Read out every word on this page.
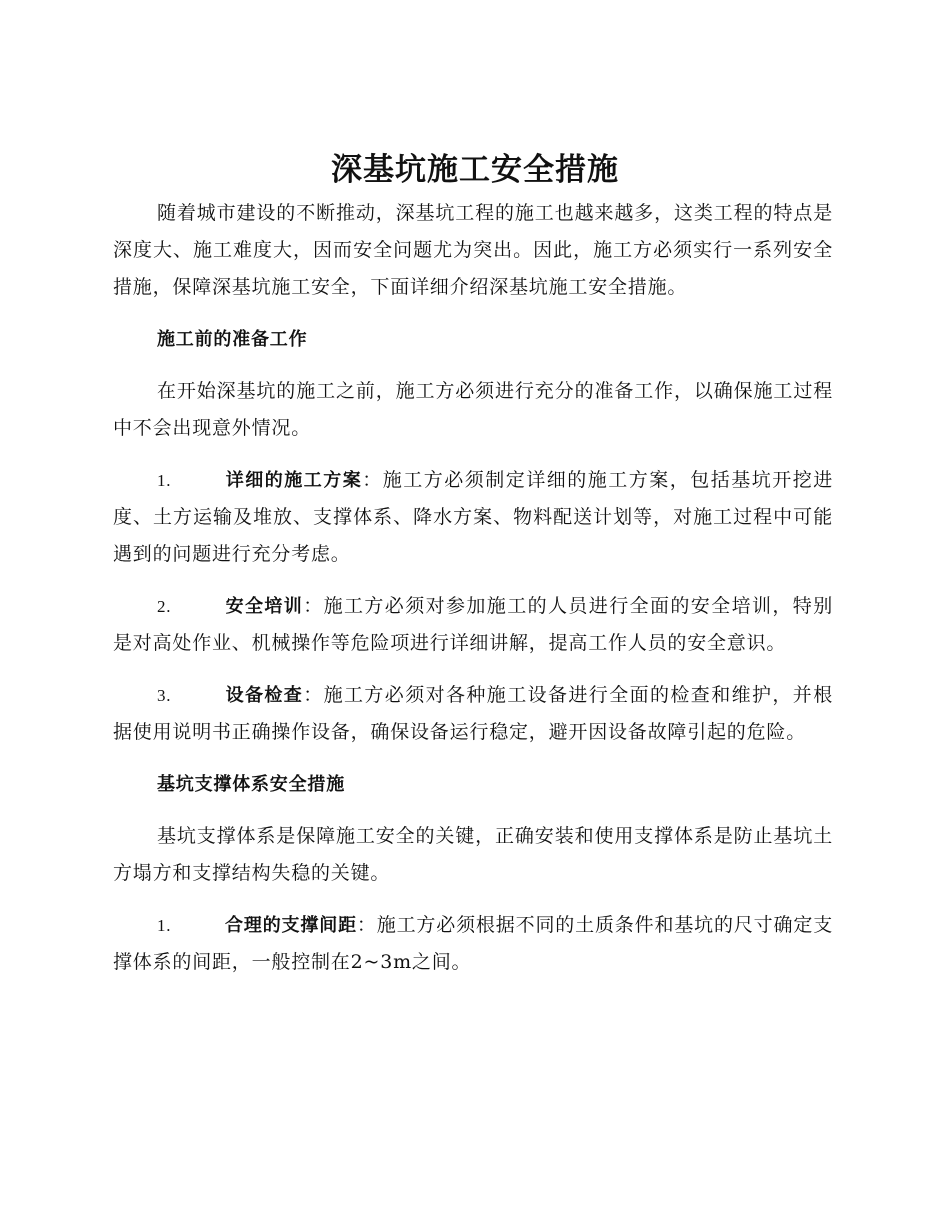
深基坑施工安全措施

随着城市建设的不断推动，深基坑工程的施工也越来越多，这类工程的特点是深度大、施工难度大，因而安全问题尤为突出。因此，施工方必须实行一系列安全措施，保障深基坑施工安全，下面详细介绍深基坑施工安全措施。

施工前的准备工作

在开始深基坑的施工之前，施工方必须进行充分的准备工作，以确保施工过程中不会出现意外情况。

1.	详细的施工方案：施工方必须制定详细的施工方案，包括基坑开挖进度、土方运输及堆放、支撑体系、降水方案、物料配送计划等，对施工过程中可能遇到的问题进行充分考虑。

2.	安全培训：施工方必须对参加施工的人员进行全面的安全培训，特别是对高处作业、机械操作等危险项进行详细讲解，提高工作人员的安全意识。

3.	设备检查：施工方必须对各种施工设备进行全面的检查和维护，并根据使用说明书正确操作设备，确保设备运行稳定，避开因设备故障引起的危险。

基坑支撑体系安全措施

基坑支撑体系是保障施工安全的关键，正确安装和使用支撑体系是防止基坑土方塌方和支撑结构失稳的关键。

1.	合理的支撑间距：施工方必须根据不同的土质条件和基坑的尺寸确定支撑体系的间距，一般控制在2~3m之间。
